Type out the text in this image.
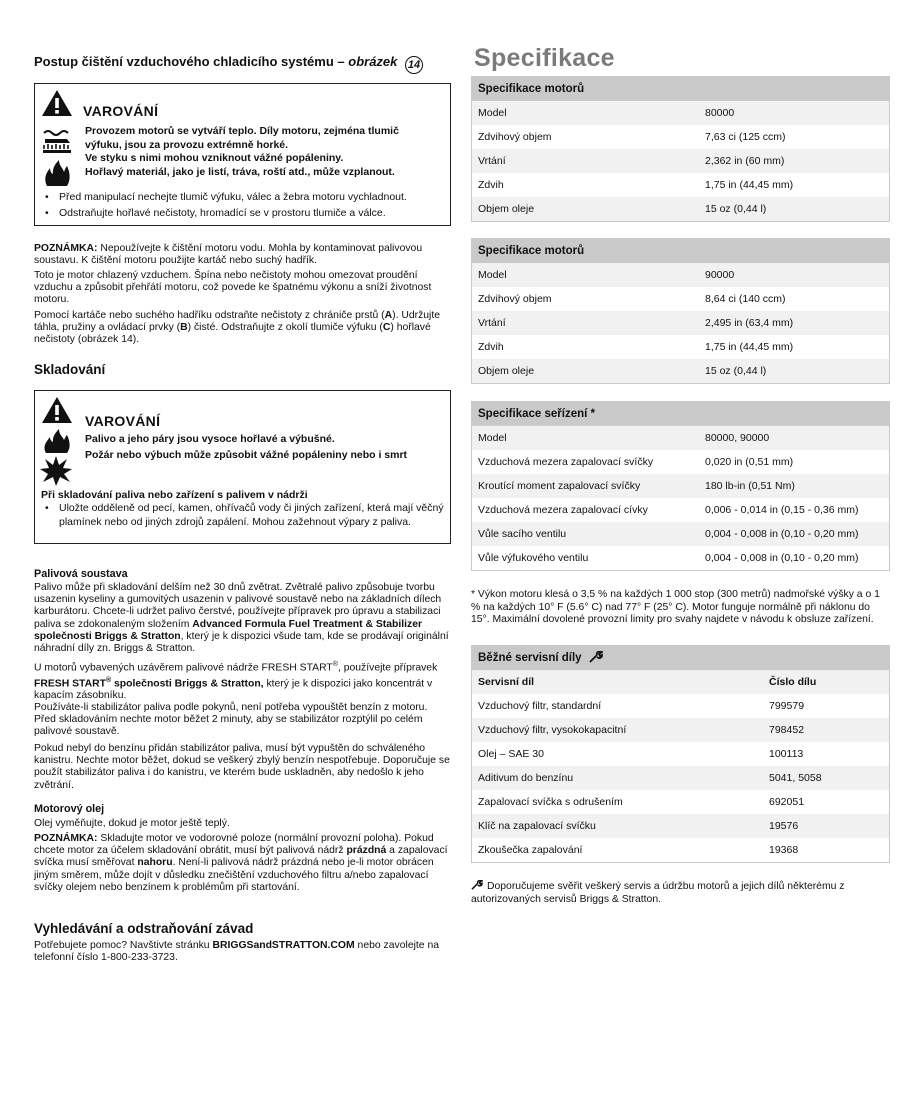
Postup čištění vzduchového chladicího systému – obrázek 14
VAROVÁNÍ
Provozem motorů se vytváří teplo. Díly motoru, zejména tlumič
výfuku, jsou za provozu extrémně horké.
Ve styku s nimi mohou vzniknout vážné popáleniny.
Hořlavý materiál, jako je listí, tráva, roští atd., může vzplanout.
• Před manipulací nechejte tlumič výfuku, válec a žebra motoru vychladnout.
• Odstraňujte hořlavé nečistoty, hromadící se v prostoru tlumiče a válce.
POZNÁMKA: Nepoužívejte k čištění motoru vodu. Mohla by kontaminovat palivovou soustavu. K čištění motoru použijte kartáč nebo suchý hadřík.
Toto je motor chlazený vzduchem. Špína nebo nečistoty mohou omezovat proudění vzduchu a způsobit přehřátí motoru, což povede ke špatnému výkonu a sníží životnost motoru.
Pomocí kartáče nebo suchého hadříku odstraňte nečistoty z chrániče prstů (A). Udržujte táhla, pružiny a ovládací prvky (B) čisté. Odstraňujte z okolí tlumiče výfuku (C) hořlavé nečistoty (obrázek 14).
Skladování
VAROVÁNÍ
Palivo a jeho páry jsou vysoce hořlavé a výbušné.
Požár nebo výbuch může způsobit vážné popáleniny nebo i smrt
Při skladování paliva nebo zařízení s palivem v nádrži
• Uložte odděleně od pecí, kamen, ohřívačů vody či jiných zařízení, která mají věčný plamínek nebo od jiných zdrojů zapálení. Mohou zažehnout výpary z paliva.
Palivová soustava
Palivo může při skladování delším než 30 dnů zvětrat. Zvětralé palivo způsobuje tvorbu usazenin kyseliny a gumovitých usazenin v palivové soustavě nebo na základních dílech karburátoru. Chcete-li udržet palivo čerstvé, používejte přípravek pro úpravu a stabilizaci paliva se zdokonaleným složením Advanced Formula Fuel Treatment & Stabilizer společnosti Briggs & Stratton, který je k dispozici všude tam, kde se prodávají originální náhradní díly zn. Briggs & Stratton.
U motorů vybavených uzávěrem palivové nádrže FRESH START®, používejte přípravek FRESH START® společnosti Briggs & Stratton, který je k dispozici jako koncentrát v kapacím zásobníku.
Používáte-li stabilizátor paliva podle pokynů, není potřeba vypouštět benzín z motoru. Před skladováním nechte motor běžet 2 minuty, aby se stabilizátor rozptýlil po celém palivové soustavě.
Pokud nebyl do benzínu přidán stabilizátor paliva, musí být vypuštěn do schváleného kanistru. Nechte motor běžet, dokud se veškerý zbylý benzín nespotřebuje. Doporučuje se použít stabilizátor paliva i do kanistru, ve kterém bude uskladněn, aby nedošlo k jeho zvětrání.
Motorový olej
Olej vyměňujte, dokud je motor ještě teplý.
POZNÁMKA: Skladujte motor ve vodorovné poloze (normální provozní poloha). Pokud chcete motor za účelem skladování obrátit, musí být palivová nádrž prázdná a zapalovací svíčka musí směřovat nahoru. Není-li palivová nádrž prázdná nebo je-li motor obrácen jiným směrem, může dojít v důsledku znečištění vzduchového filtru a/nebo zapalovací svíčky olejem nebo benzínem k problémům při startování.
Vyhledávání a odstraňování závad
Potřebujete pomoc? Navštivte stránku BRIGGSandSTRATTON.COM nebo zavolejte na telefonní číslo 1-800-233-3723.
Specifikace
Specifikace motorů
Model	80000
Zdvihový objem	7,63 ci (125 ccm)
Vrtání	2,362 in (60 mm)
Zdvih	1,75 in (44,45 mm)
Objem oleje	15 oz (0,44 l)
Specifikace motorů
Model	90000
Zdvihový objem	8,64 ci (140 ccm)
Vrtání	2,495 in (63,4 mm)
Zdvih	1,75 in (44,45 mm)
Objem oleje	15 oz (0,44 l)
Specifikace seřízení *
Model	80000, 90000
Vzduchová mezera zapalovací svíčky	0,020 in (0,51 mm)
Kroutící moment zapalovací svíčky	180 lb-in (0,51 Nm)
Vzduchová mezera zapalovací cívky	0,006 - 0,014 in (0,15 - 0,36 mm)
Vůle sacího ventilu	0,004 - 0,008 in (0,10 - 0,20 mm)
Vůle výfukového ventilu	0,004 - 0,008 in (0,10 - 0,20 mm)
* Výkon motoru klesá o 3,5 % na každých 1 000 stop (300 metrů) nadmořské výšky a o 1 % na každých 10° F (5.6° C) nad 77° F (25° C). Motor funguje normálně při náklonu do 15°. Maximální dovolené provozní limity pro svahy najdete v návodu k obsluze zařízení.
Běžné servisní díly
Servisní díl	Číslo dílu
Vzduchový filtr, standardní	799579
Vzduchový filtr, vysokokapacitní	798452
Olej – SAE 30	100113
Aditivum do benzínu	5041, 5058
Zapalovací svíčka s odrušením	692051
Klíč na zapalovací svíčku	19576
Zkoušečka zapalování	19368
Doporučujeme svěřit veškerý servis a údržbu motorů a jejich dílů některému z autorizovaných servisů Briggs & Stratton.
